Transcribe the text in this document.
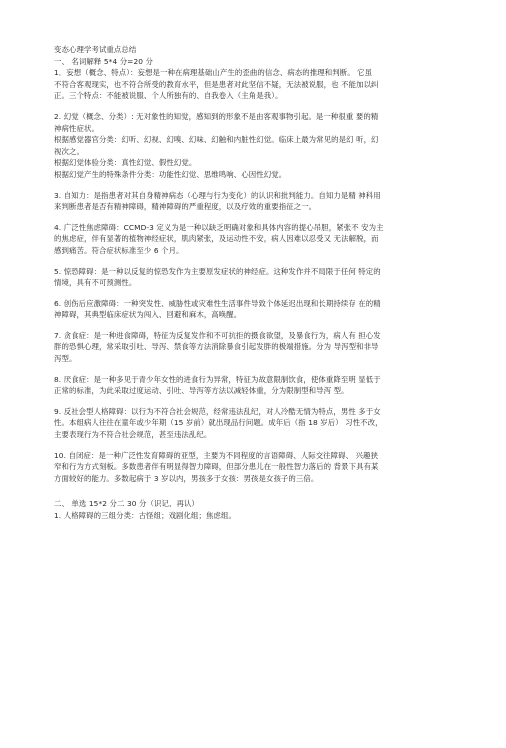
变态心理学考试重点总结
一、 名词解释 5*4 分=20 分
1．妄想（概念、特点）：妄想是一种在病理基础山产生的歪曲的信念、病态的推理和判断。 它虽
不符合客观现实，也不符合所受的教育水平，但是患者对此坚信不疑，无法被说服，也 不能加以纠
正。三个特点：不能被说服、个人所独有的、自我卷入（主角是我）。
2. 幻觉（概念、分类）: 无对象性的知觉，感知到的形象不是由客观事物引起。是一种很重 要的精
神病性症状。
根据感觉器官分类：幻听、幻视、幻嗅、幻味、幻触和内脏性幻觉。临床上最为常见的是幻 听，幻
视次之。
根据幻觉体验分类：真性幻觉、假性幻觉。
根据幻觉产生的特殊条件分类：功能性幻觉、思维鸣响、心因性幻觉。
3. 自知力：是指患者对其自身精神病态（心理与行为变化）的认识和批判能力。自知力是精 神科用
来判断患者是否有精神障碍，精神障碍的严重程度，以及疗效的重要指征之一。
4. 广泛性焦虑障碍：CCMD-3 定义为是一种以缺乏明确对象和具体内容的提心吊胆，紧张不 安为主
的焦虑症，伴有显著的植物神经症状，肌肉紧张，及运动性不安，病人因难以忍受又 无法解脱，而
感到痛苦。符合症状标准至少 6 个月。
5. 惊恐障碍：是一种以反复的惊恐发作为主要原发症状的神经症。这种发作并不局限于任何 特定的
情境，具有不可预测性。
6. 创伤后应激障碍：一种突发性、威胁性或灾难性生活事件导致个体延迟出现和长期持续存 在的精
神障碍，其典型临床症状为闯入、回避和麻木，高唤醒。
7. 贪食症：是一种进食障碍，特征为反复发作和不可抗拒的摄食欲望，及暴食行为，病人有 担心发
胖的恐惧心理，常采取引吐、导泻、禁食等方法消除暴食引起发胖的极端措施。分为 导泻型和非导
泻型。
8. 厌食症：是一种多见于青少年女性的进食行为异常，特征为故意限制饮食，使体重降至明 显低于
正常的标准，为此采取过度运动、引吐、导泻等方法以减轻体重，分为限制型和导泻 型。
9. 反社会型人格障碍：以行为不符合社会规范，经常违法乱纪，对人冷酷无情为特点，男性 多于女
性。本组病人往往在童年或少年期（15 岁前）就出现品行问题。成年后（指 18 岁后） 习性不改，
主要表现行为不符合社会规范，甚至违法乱纪。
10. 自闭症：是一种广泛性发育障碍的亚型，主要为不同程度的言语障碍、人际交往障碍、 兴趣狭
窄和行为方式刻板。多数患者伴有明显得智力障碍，但部分患儿在一般性智力落后的 背景下具有某
方面较好的能力。多数起病于 3 岁以内，男孩多于女孩：男孩是女孩子的三倍。
二、 单选 15*2 分二 30 分（识记、再认）
1. 人格障碍的三组分类：古怪组；戏剧化组；焦虑组。
